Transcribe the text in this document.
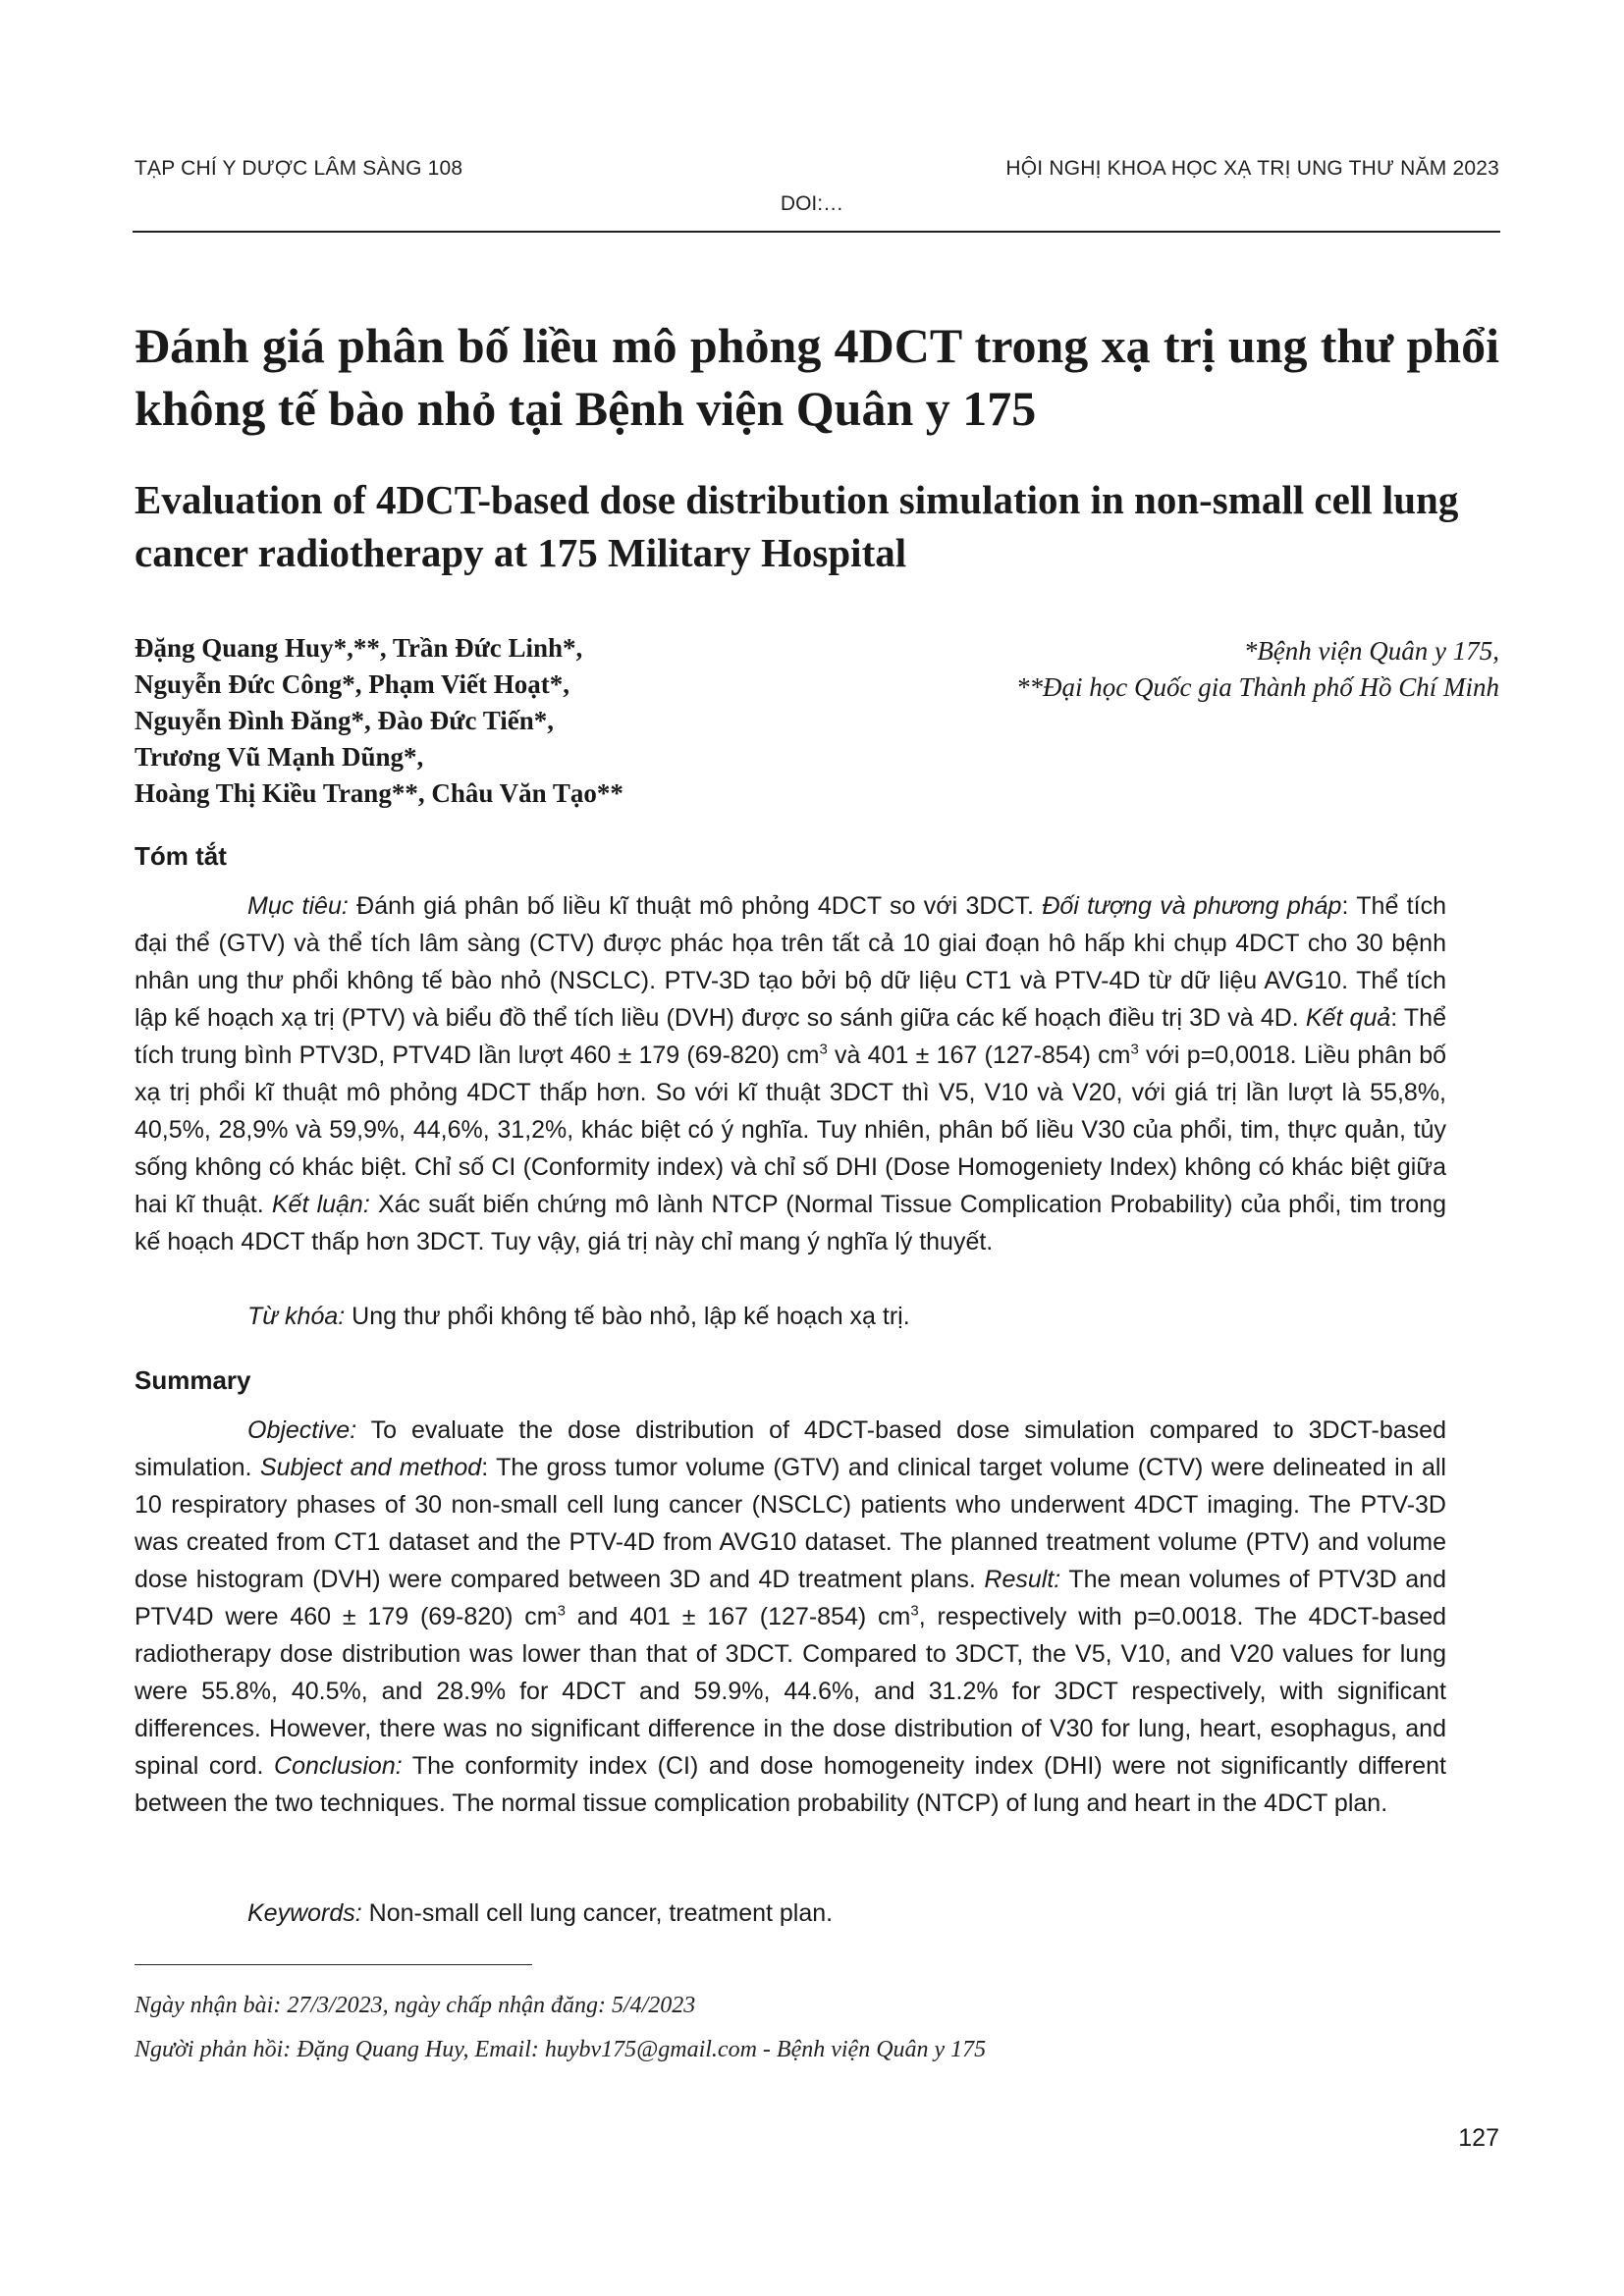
TẠP CHÍ Y DƯỢC LÂM SÀNG 108	HỘI NGHỊ KHOA HỌC XẠ TRỊ UNG THƯ NĂM 2023
DOI:…
Đánh giá phân bố liều mô phỏng 4DCT trong xạ trị ung thư phổi không tế bào nhỏ tại Bệnh viện Quân y 175
Evaluation of 4DCT-based dose distribution simulation in non-small cell lung cancer radiotherapy at 175 Military Hospital
Đặng Quang Huy*,**, Trần Đức Linh*,
Nguyễn Đức Công*, Phạm Viết Hoạt*,
Nguyễn Đình Đăng*, Đào Đức Tiến*,
Trương Vũ Mạnh Dũng*,
Hoàng Thị Kiều Trang**, Châu Văn Tạo**
*Bệnh viện Quân y 175,
**Đại học Quốc gia Thành phố Hồ Chí Minh
Tóm tắt

Mục tiêu: Đánh giá phân bố liều kĩ thuật mô phỏng 4DCT so với 3DCT. Đối tượng và phương pháp: Thể tích đại thể (GTV) và thể tích lâm sàng (CTV) được phác họa trên tất cả 10 giai đoạn hô hấp khi chụp 4DCT cho 30 bệnh nhân ung thư phổi không tế bào nhỏ (NSCLC). PTV-3D tạo bởi bộ dữ liệu CT1 và PTV-4D từ dữ liệu AVG10. Thể tích lập kế hoạch xạ trị (PTV) và biểu đồ thể tích liều (DVH) được so sánh giữa các kế hoạch điều trị 3D và 4D. Kết quả: Thể tích trung bình PTV3D, PTV4D lần lượt 460 ± 179 (69-820) $cm^3$ và 401 ± 167 (127-854) $cm^3$ với p=0,0018. Liều phân bố xạ trị phổi kĩ thuật mô phỏng 4DCT thấp hơn. So với kĩ thuật 3DCT thì V5, V10 và V20, với giá trị lần lượt là 55,8%, 40,5%, 28,9% và 59,9%, 44,6%, 31,2%, khác biệt có ý nghĩa. Tuy nhiên, phân bố liều V30 của phổi, tim, thực quản, tủy sống không có khác biệt. Chỉ số CI (Conformity index) và chỉ số DHI (Dose Homogeniety Index) không có khác biệt giữa hai kĩ thuật. Kết luận: Xác suất biến chứng mô lành NTCP (Normal Tissue Complication Probability) của phổi, tim trong kế hoạch 4DCT thấp hơn 3DCT. Tuy vậy, giá trị này chỉ mang ý nghĩa lý thuyết.

Từ khóa: Ung thư phổi không tế bào nhỏ, lập kế hoạch xạ trị.

Summary

Objective: To evaluate the dose distribution of 4DCT-based dose simulation compared to 3DCT-based simulation. Subject and method: The gross tumor volume (GTV) and clinical target volume (CTV) were delineated in all 10 respiratory phases of 30 non-small cell lung cancer (NSCLC) patients who underwent 4DCT imaging. The PTV-3D was created from CT1 dataset and the PTV-4D from AVG10 dataset. The planned treatment volume (PTV) and volume dose histogram (DVH) were compared between 3D and 4D treatment plans. Result: The mean volumes of PTV3D and PTV4D were 460 ± 179 (69-820) $cm^3$ and 401 ± 167 (127-854) $cm^3$, respectively with p=0.0018. The 4DCT-based radiotherapy dose distribution was lower than that of 3DCT. Compared to 3DCT, the V5, V10, and V20 values for lung were 55.8%, 40.5%, and 28.9% for 4DCT and 59.9%, 44.6%, and 31.2% for 3DCT respectively, with significant differences. However, there was no significant difference in the dose distribution of V30 for lung, heart, esophagus, and spinal cord. Conclusion: The conformity index (CI) and dose homogeneity index (DHI) were not significantly different between the two techniques. The normal tissue complication probability (NTCP) of lung and heart in the 4DCT plan.

Keywords: Non-small cell lung cancer, treatment plan.

Ngày nhận bài: 27/3/2023, ngày chấp nhận đăng: 5/4/2023
Người phản hồi: Đặng Quang Huy, Email: huybv175@gmail.com - Bệnh viện Quân y 175
127
